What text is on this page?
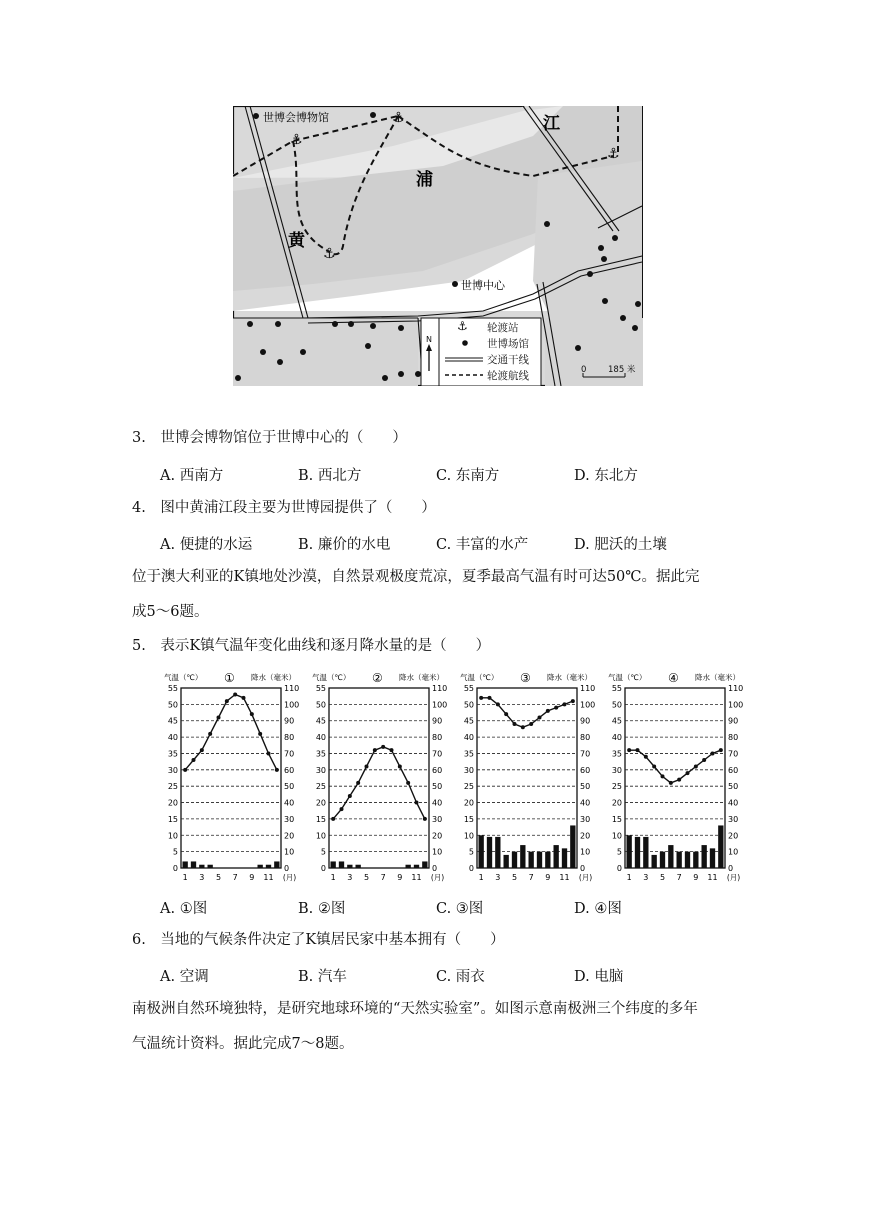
⚓
⚓
⚓
⚓
世博会博物馆
世博中心
江
浦
黄
N
⚓ 轮渡站
世博场馆
交通干线
轮渡航线	0	185 米
3.　世博会博物馆位于世博中心的（　　）
A. 西南方	B. 西北方	C. 东南方	D. 东北方
4.　图中黄浦江段主要为世博园提供了（　　）
A. 便捷的水运	B. 廉价的水电	C. 丰富的水产	D. 肥沃的土壤
位于澳大利亚的K镇地处沙漠，自然景观极度荒凉，夏季最高气温有时可达50℃。据此完
成5～6题。
5.　表示K镇气温年变化曲线和逐月降水量的是（　　）
气温（℃） ① 降水（毫米）
0	0
5	10
10	20
15	30
20	40
25	50
30	60
35	70
40	80
45	90
50	100
55	110
1 3 5 7 9 11 (月)
气温（℃） ② 降水（毫米）
0	0
5	10
10	20
15	30
20	40
25	50
30	60
35	70
40	80
45	90
50	100
55	110
1 3 5 7 9 11 (月)
气温（℃） ③ 降水（毫米）
0	0
5	10
10	20
15	30
20	40
25	50
30	60
35	70
40	80
45	90
50	100
55	110
1 3 5 7 9 11 (月)
气温（℃） ④ 降水（毫米）
0	0
5	10
10	20
15	30
20	40
25	50
30	60
35	70
40	80
45	90
50	100
55	110
1 3 5 7 9 11 (月)
A. ①图	B. ②图	C. ③图	D. ④图
6.　当地的气候条件决定了K镇居民家中基本拥有（　　）
A. 空调	B. 汽车	C. 雨衣	D. 电脑
南极洲自然环境独特，是研究地球环境的“天然实验室”。如图示意南极洲三个纬度的多年
气温统计资料。据此完成7～8题。
